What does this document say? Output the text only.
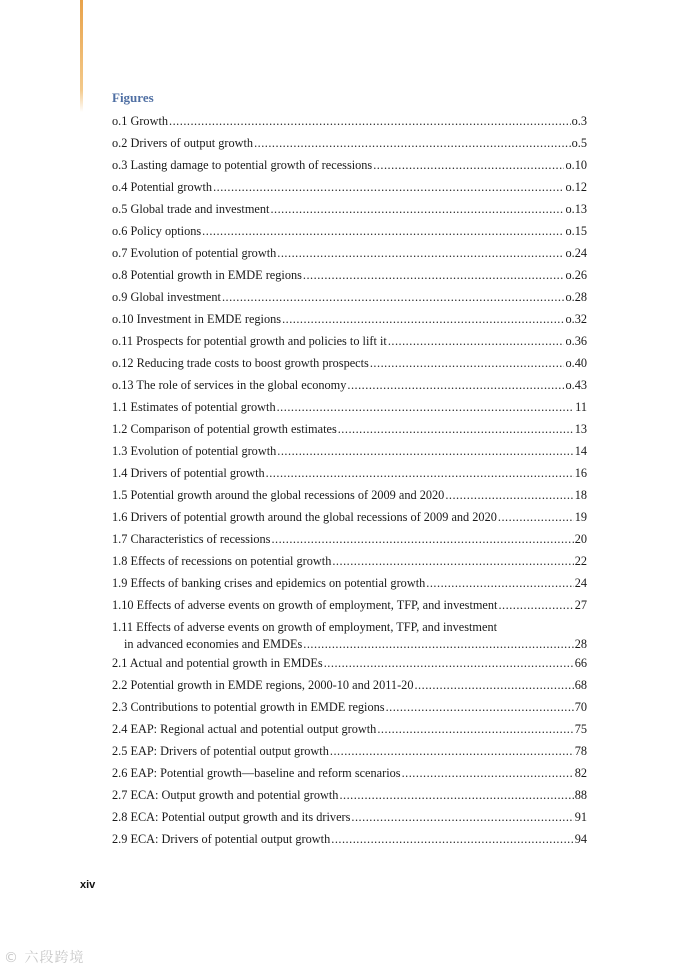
Figures
o.1 Growth .....	o.3
o.2 Drivers of output growth .....	o.5
o.3 Lasting damage to potential growth of recessions .....	o.10
o.4 Potential growth .....	o.12
o.5 Global trade and investment .....	o.13
o.6 Policy options .....	o.15
o.7 Evolution of potential growth .....	o.24
o.8 Potential growth in EMDE regions .....	o.26
o.9 Global investment .....	o.28
o.10 Investment in EMDE regions .....	o.32
o.11 Prospects for potential growth and policies to lift it .....	o.36
o.12 Reducing trade costs to boost growth prospects .....	o.40
o.13 The role of services in the global economy .....	o.43
1.1 Estimates of potential growth .....	11
1.2 Comparison of potential growth estimates .....	13
1.3 Evolution of potential growth .....	14
1.4 Drivers of potential growth .....	16
1.5 Potential growth around the global recessions of 2009 and 2020 .....	18
1.6 Drivers of potential growth around the global recessions of 2009 and 2020 .....	19
1.7 Characteristics of recessions .....	20
1.8 Effects of recessions on potential growth .....	22
1.9 Effects of banking crises and epidemics on potential growth .....	24
1.10 Effects of adverse events on growth of employment, TFP, and investment .....	27
1.11 Effects of adverse events on growth of employment, TFP, and investment
in advanced economies and EMDEs .....	28
2.1 Actual and potential growth in EMDEs .....	66
2.2 Potential growth in EMDE regions, 2000-10 and 2011-20 .....	68
2.3 Contributions to potential growth in EMDE regions .....	70
2.4 EAP: Regional actual and potential output growth .....	75
2.5 EAP: Drivers of potential output growth .....	78
2.6 EAP: Potential growth—baseline and reform scenarios .....	82
2.7 ECA: Output growth and potential growth .....	88
2.8 ECA: Potential output growth and its drivers .....	91
2.9 ECA: Drivers of potential output growth .....	94
xiv
© 六段跨境
